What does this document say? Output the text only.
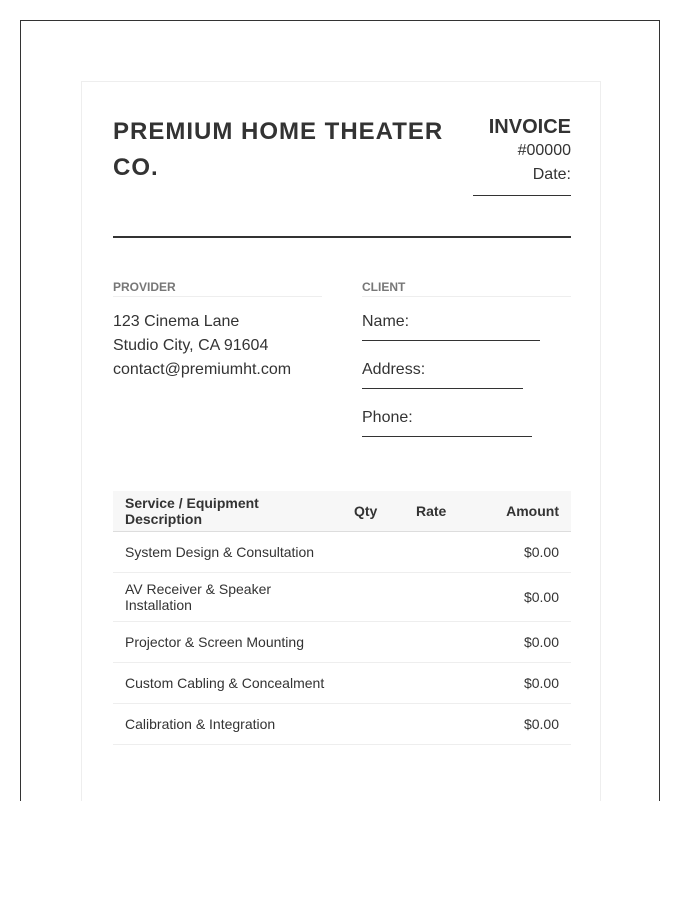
PREMIUM HOME THEATER CO.
INVOICE
#00000
Date:
PROVIDER
123 Cinema Lane
Studio City, CA 91604
contact@premiumht.com
CLIENT
Name:
Address:
Phone:
Service / Equipment Description	Qty	Rate	Amount
System Design & Consultation			$0.00
AV Receiver & Speaker Installation			$0.00
Projector & Screen Mounting			$0.00
Custom Cabling & Concealment			$0.00
Calibration & Integration			$0.00
